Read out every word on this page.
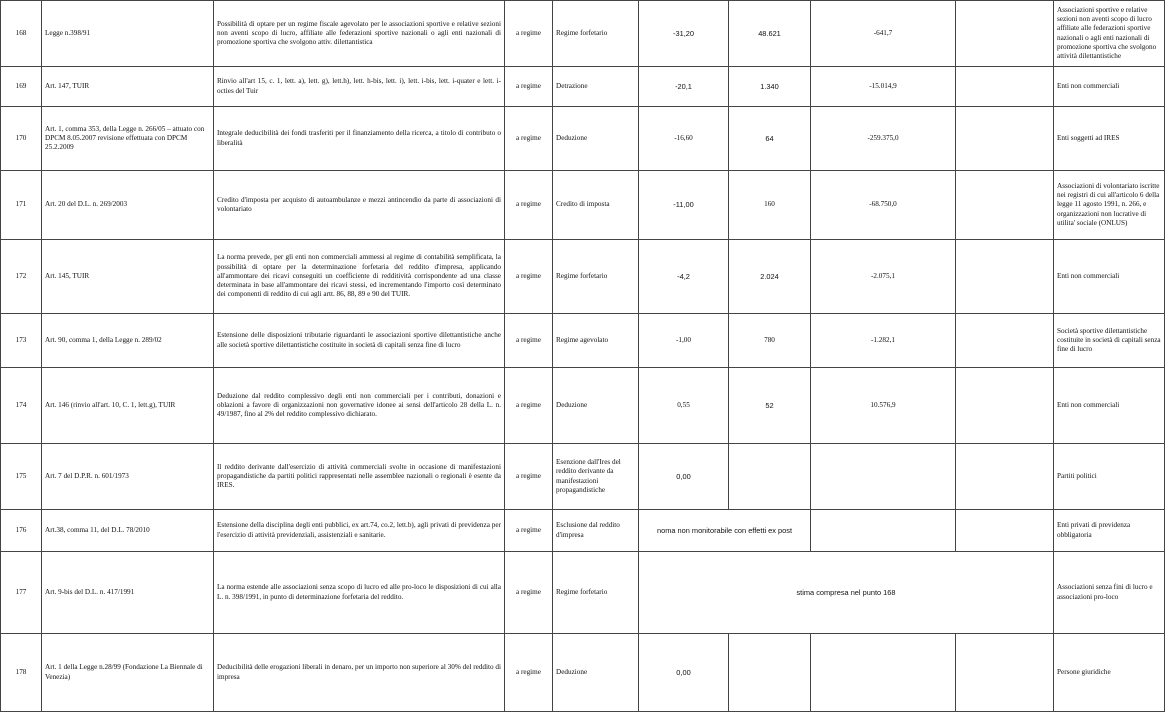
168	Legge n.398/91	Possibilità di optare per un regime fiscale agevolato per le associazioni sportive e relative sezioni non aventi scopo di lucro, affiliate alle federazioni sportive nazionali o agli enti nazionali di promozione sportiva che svolgono attiv. dilettantistica	a regime	Regime forfetario	-31,20	48.621	-641,7		Associazioni sportive e relative sezioni non aventi scopo di lucro affiliate alle federazioni sportive nazionali o agli enti nazionali di promozione sportiva che svolgono attività dilettantistiche
169	Art. 147, TUIR	Rinvio all'art 15, c. 1, lett. a), lett. g), lett.h), lett. h-bis, lett. i), lett. i-bis, lett. i-quater e lett. i-octies del Tuir	a regime	Detrazione	-20,1	1.340	-15.014,9		Enti non commerciali
170	Art. 1, comma 353, della Legge n. 266/05 – attuato con DPCM 8.05.2007 revisione effettuata con DPCM 25.2.2009	Integrale deducibilità dei fondi trasferiti per il finanziamento della ricerca, a titolo di contributo o liberalità	a regime	Deduzione	-16,60	64	-259.375,0		Enti soggetti ad IRES
171	Art. 20 del D.L. n. 269/2003	Credito d'imposta per acquisto di autoambulanze e mezzi antincendio da parte di associazioni di volontariato	a regime	Credito di imposta	-11,00	160	-68.750,0		Associazioni di volontariato iscritte nei registri di cui all'articolo 6 della legge 11 agosto 1991, n. 266, e organizzazioni non lucrative di utilita' sociale (ONLUS)
172	Art. 145, TUIR	La norma prevede, per gli enti non commerciali ammessi al regime di contabilità semplificata, la possibilità di optare per la determinazione forfetaria del reddito d'impresa, applicando all'ammontare dei ricavi conseguiti un coefficiente di redditività corrispondente ad una classe determinata in base all'ammontare dei ricavi stessi, ed incrementando l'importo così determinato dei componenti di reddito di cui agli artt. 86, 88, 89 e 90 del TUIR.	a regime	Regime forfetario	-4,2	2.024	-2.075,1		Enti non commerciali
173	Art. 90, comma 1, della Legge n. 289/02	Estensione delle disposizioni tributarie riguardanti le associazioni sportive dilettantistiche anche alle società sportive dilettantistiche costituite in società di capitali senza fine di lucro	a regime	Regime agevolato	-1,00	780	-1.282,1		Società sportive dilettantistiche costituite in società di capitali senza fine di lucro
174	Art. 146 (rinvio all'art. 10, C. 1, lett.g), TUIR	Deduzione dal reddito complessivo degli enti non commerciali per i contributi, donazioni e oblazioni a favore di organizzazioni non governative idonee ai sensi dell'articolo 28 della L. n. 49/1987, fino al 2% del reddito complessivo dichiarato.	a regime	Deduzione	0,55	52	10.576,9		Enti non commerciali
175	Art. 7 del D.P.R. n. 601/1973	Il reddito derivante dall'esercizio di attività commerciali svolte in occasione di manifestazioni propagandistiche da partiti politici rappresentati nelle assemblee nazionali o regionali è esente da IRES.	a regime	Esenzione dall'Ires del reddito derivante da manifestazioni propagandistiche	0,00				Partiti politici
176	Art.38, comma 11, del D.L. 78/2010	Estensione della disciplina degli enti pubblici, ex art.74, co.2, lett.b), agli privati di previdenza per l'esercizio di attività previdenziali, assistenziali e sanitarie.	a regime	Esclusione dal reddito d'impresa	noma non monitorabile con effetti ex post				Enti privati di previdenza obbligatoria
177	Art. 9-bis del D.L. n. 417/1991	La norma estende alle associazioni senza scopo di lucro ed alle pro-loco le disposizioni di cui alla L. n. 398/1991, in punto di determinazione forfetaria del reddito.	a regime	Regime forfetario	stima compresa nel punto 168				Associazioni senza fini di lucro e associazioni pro-loco
178	Art. 1 della Legge n.28/99 (Fondazione La Biennale di Venezia)	Deducibilità delle erogazioni liberali in denaro, per un importo non superiore al 30% del reddito di impresa	a regime	Deduzione	0,00				Persone giuridiche
